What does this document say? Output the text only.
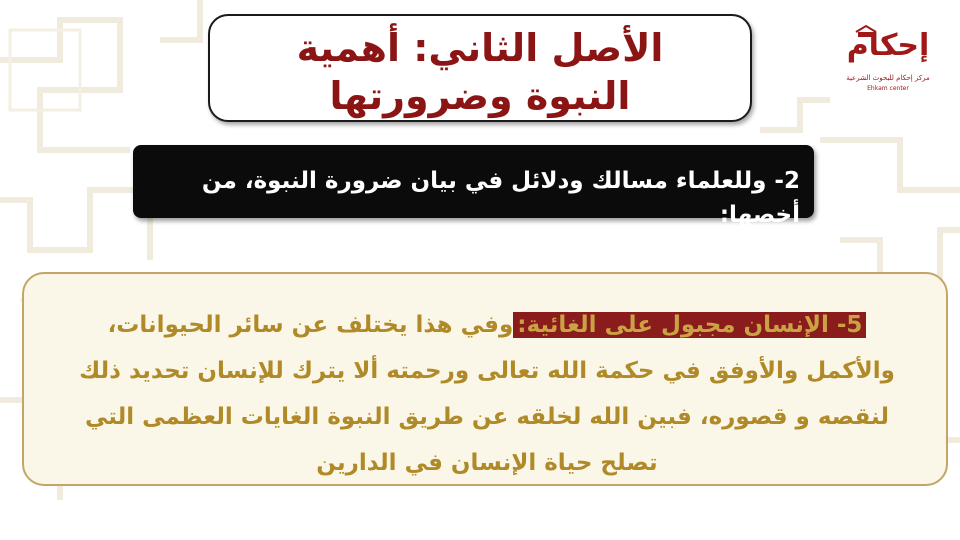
الأصل الثاني: أهمية النبوة وضرورتها
إحكام
مركز إحكام للبحوث الشرعية
Ehkam center
2- وللعلماء مسالك ودلائل في بيان ضرورة النبوة، من أخصها:
5- الإنسان مجبول على الغائية:وفي هذا يختلف عن سائر الحيوانات، والأكمل والأوفق في حكمة الله تعالى ورحمته ألا يترك للإنسان تحديد ذلك لنقصه و قصوره، فبين الله لخلقه عن طريق النبوة الغايات العظمى التي تصلح حياة الإنسان في الدارين
